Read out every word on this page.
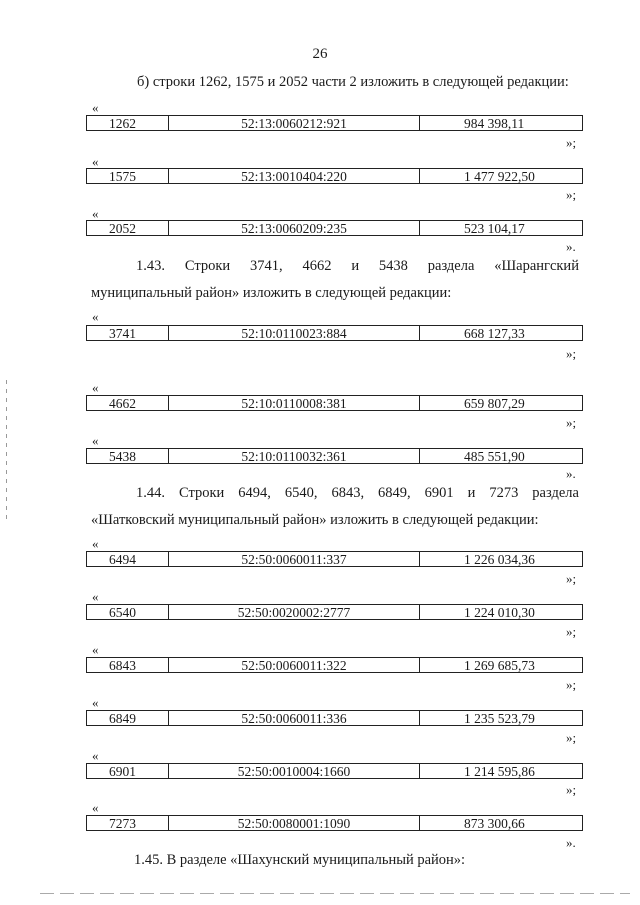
26
б) строки 1262, 1575 и 2052 части 2 изложить в следующей редакции:
«
1262	52:13:0060212:921	984 398,11
»;
«
1575	52:13:0010404:220	1 477 922,50
»;
«
2052	52:13:0060209:235	523 104,17
».
1.43. Строки 3741, 4662 и 5438 раздела «Шарангский
муниципальный район» изложить в следующей редакции:
«
3741	52:10:0110023:884	668 127,33
»;
«
4662	52:10:0110008:381	659 807,29
»;
«
5438	52:10:0110032:361	485 551,90
».
1.44. Строки 6494, 6540, 6843, 6849, 6901 и 7273 раздела
«Шатковский муниципальный район» изложить в следующей редакции:
«
6494	52:50:0060011:337	1 226 034,36
»;
«
6540	52:50:0020002:2777	1 224 010,30
»;
«
6843	52:50:0060011:322	1 269 685,73
»;
«
6849	52:50:0060011:336	1 235 523,79
»;
«
6901	52:50:0010004:1660	1 214 595,86
»;
«
7273	52:50:0080001:1090	873 300,66
».
1.45. В разделе «Шахунский муниципальный район»:
